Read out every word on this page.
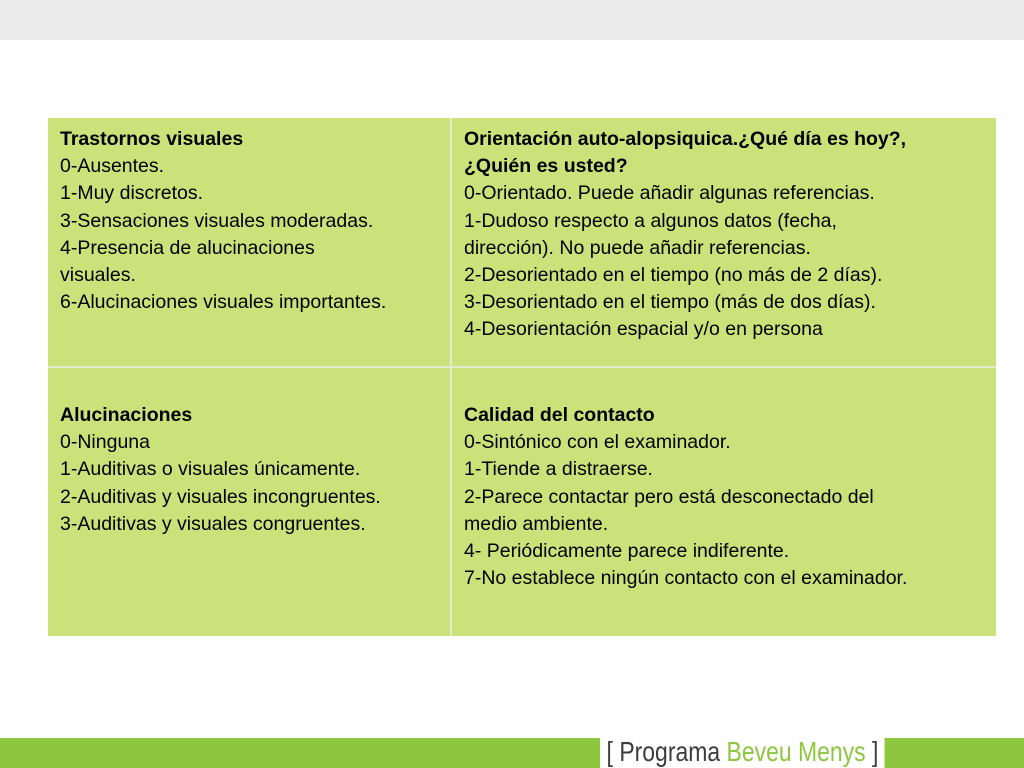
Trastornos visuales

0-Ausentes.

1-Muy discretos.

3-Sensaciones visuales moderadas.

4-Presencia de alucinaciones

visuales.

6-Alucinaciones visuales importantes.

Orientación auto-alopsiquica.¿Qué día es hoy?,

¿Quién es usted?

0-Orientado. Puede añadir algunas referencias.

1-Dudoso respecto a algunos datos (fecha,

dirección). No puede añadir referencias.

2-Desorientado en el tiempo (no más de 2 días).

3-Desorientado en el tiempo (más de dos días).

4-Desorientación espacial y/o en persona

Alucinaciones

0-Ninguna

1-Auditivas o visuales únicamente.

2-Auditivas y visuales incongruentes.

3-Auditivas y visuales congruentes.

Calidad del contacto

0-Sintónico con el examinador.

1-Tiende a distraerse.

2-Parece contactar pero está desconectado del

medio ambiente.

4- Periódicamente parece indiferente.

7-No establece ningún contacto con el examinador.

[ Programa Beveu Menys ]
